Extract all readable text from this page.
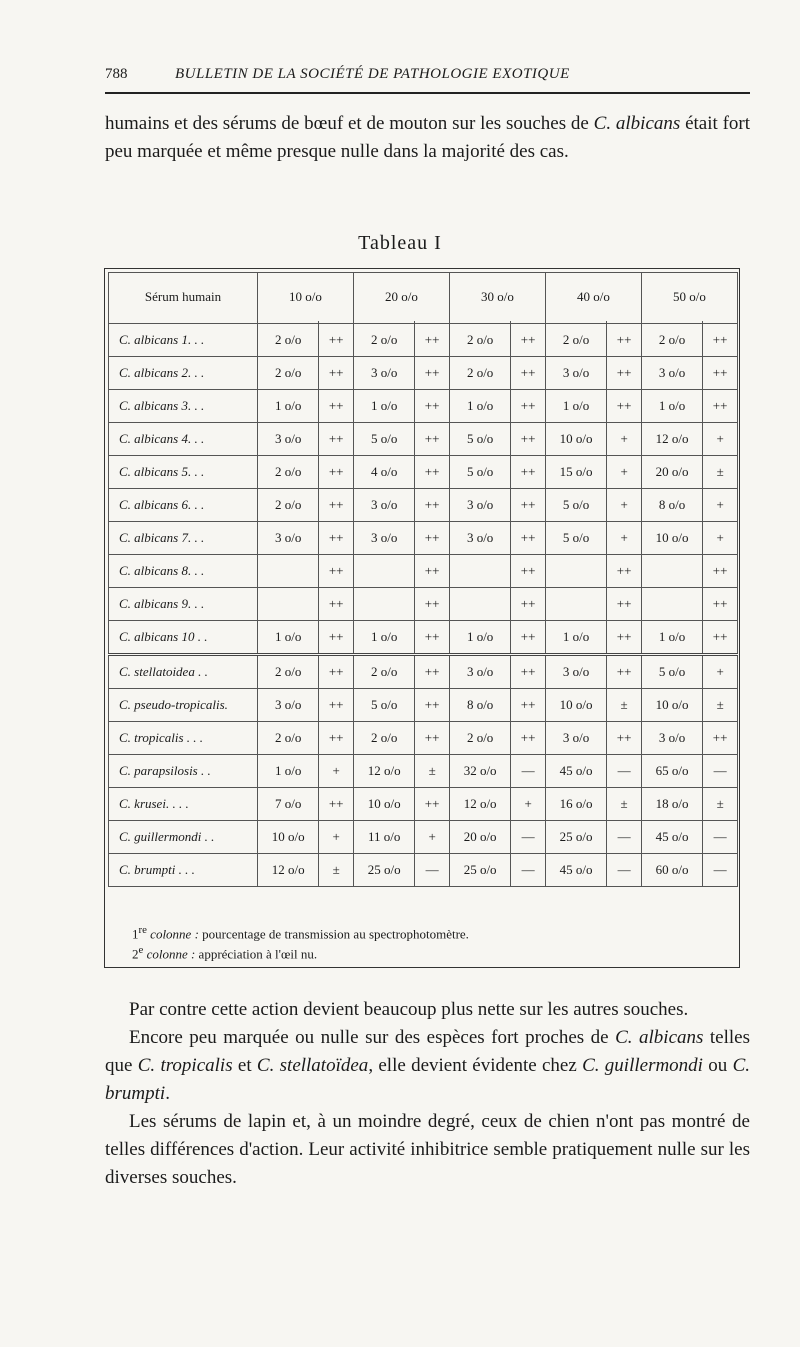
788	BULLETIN DE LA SOCIÉTÉ DE PATHOLOGIE EXOTIQUE

humains et des sérums de bœuf et de mouton sur les souches de C. albicans était fort peu marquée et même presque nulle dans la majorité des cas.

Tableau I
Sérum humain	10 o/o		20 o/o		30 o/o		40 o/o		50 o/o	

C. albicans 1. . .	2 o/o	++	2 o/o	++	2 o/o	++	2 o/o	++	2 o/o	++
C. albicans 2. . .	2 o/o	++	3 o/o	++	2 o/o	++	3 o/o	++	3 o/o	++
C. albicans 3. . .	1 o/o	++	1 o/o	++	1 o/o	++	1 o/o	++	1 o/o	++
C. albicans 4. . .	3 o/o	++	5 o/o	++	5 o/o	++	10 o/o	+	12 o/o	+
C. albicans 5. . .	2 o/o	++	4 o/o	++	5 o/o	++	15 o/o	+	20 o/o	±
C. albicans 6. . .	2 o/o	++	3 o/o	++	3 o/o	++	5 o/o	+	8 o/o	+
C. albicans 7. . .	3 o/o	++	3 o/o	++	3 o/o	++	5 o/o	+	10 o/o	+
C. albicans 8. . .		++		++		++		++		++
C. albicans 9. . .		++		++		++		++		++
C. albicans 10 . .	1 o/o	++	1 o/o	++	1 o/o	++	1 o/o	++	1 o/o	++
C. stellatoidea . .	2 o/o	++	2 o/o	++	3 o/o	++	3 o/o	++	5 o/o	+
C. pseudo-tropicalis.	3 o/o	++	5 o/o	++	8 o/o	++	10 o/o	±	10 o/o	±
C. tropicalis . . .	2 o/o	++	2 o/o	++	2 o/o	++	3 o/o	++	3 o/o	++
C. parapsilosis . .	1 o/o	+	12 o/o	±	32 o/o	—	45 o/o	—	65 o/o	—
C. krusei. . . .	7 o/o	++	10 o/o	++	12 o/o	+	16 o/o	±	18 o/o	±
C. guillermondi . .	10 o/o	+	11 o/o	+	20 o/o	—	25 o/o	—	45 o/o	—
C. brumpti . . .	12 o/o	±	25 o/o	—	25 o/o	—	45 o/o	—	60 o/o	—
1re colonne : pourcentage de transmission au spectrophotomètre.
2e colonne : appréciation à l'œil nu.

Par contre cette action devient beaucoup plus nette sur les autres souches.

Encore peu marquée ou nulle sur des espèces fort proches de C. albicans telles que C. tropicalis et C. stellatoïdea, elle devient évidente chez C. guillermondi ou C. brumpti.

Les sérums de lapin et, à un moindre degré, ceux de chien n'ont pas montré de telles différences d'action. Leur activité inhibitrice semble pratiquement nulle sur les diverses souches.
